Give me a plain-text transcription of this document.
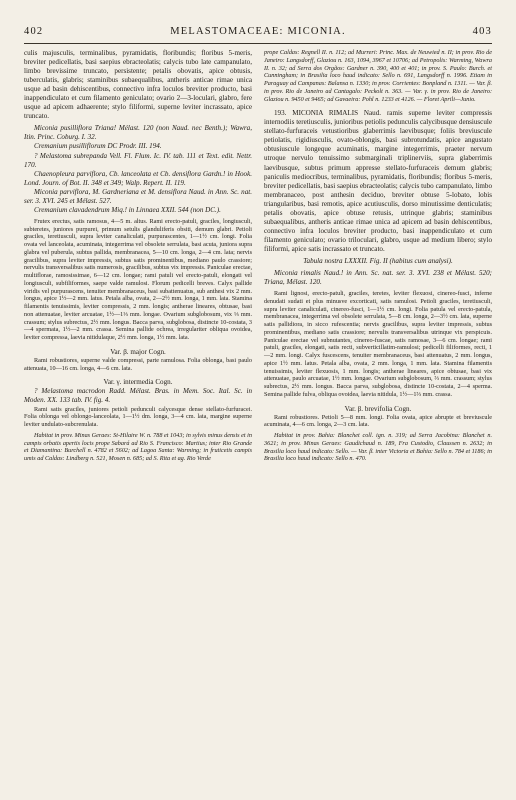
402	MELASTOMACEAE: MICONIA.	403

culis majusculis, terminalibus, pyramidatis, floribundis; floribus 5-meris, breviter pedicellatis, basi saepius ebracteolatis; calycis tubo late campanulato, limbo brevissime truncato, persistente; petalis obovatis, apice obtusis, tuberculatis, glabris; staminibus subaequalibus, antheris anticae rimae unica usque ad basin dehiscentibus, connectivo infra loculos breviter producto, basi inappendiculato et cum filamento geniculato; ovario 2—3-loculari, glabro, fere usque ad apicem adhaerente; stylo filiformi, superne leviter incrassato, apice truncato.

Miconia pusilliflora Triana! Mélast. 120 (non Naud. nec Benth.); Wawra, Itin. Princ. Coburg. I. 32.

Cremanium pusilliflorum DC Prodr. III. 194.

? Melastoma subrepanda Vell. Fl. Flum. Ic. IV. tab. 111 et Text. edit. Nettr. 170.

Chaenopleura parviflora, Cb. lanceolata et Cb. densiflora Gardn.! in Hook. Lond. Journ. of Bot. II. 348 et 349; Walp. Repert. II. 119.

Miconia parviflora, M. Gardneriana et M. densiflora Naud. in Ann. Sc. nat. ser. 3. XVI. 245 et Mélast. 527.

Cremanium clavadendrum Miq.! in Linnaea XXII. 544 (non DC.).

Frutex erectus, satis ramosus, 4—5 m. altus. Rami erecto-patuli, graciles, longiusculi, subteretes, juniores purpurei, primum setulis glanduliferis obsiti, demum glabri. Petioli graciles, teretiusculi, supra leviter canaliculati, purpurascentes, 1—1½ cm. longi. Folia ovata vel lanceolata, acuminata, integerrima vel obsolete serrulata, basi acuta, juniora supra glabra vel puberula, subtus pallida, membranacea, 5—10 cm. longa, 2—4 cm. lata; nervis gracilibus, supra leviter impressis, subtus satis prominentibus, mediano paulo crassiore; nervulis transversalibus satis numerosis, gracilibus, subtus vix impressis. Paniculae erectae, multiflorae, ramosissimae, 6—12 cm. longae; rami patuli vel erecto-patuli, elongati vel longiusculi, subfiliformes, saepe valde ramulosi. Florum pedicelli breves. Calyx pallide viridis vel purpurascens, tenuiter membranaceus, basi subattenuatus, sub anthesi vix 2 mm. longus, apice 1½—2 mm. latus. Petala alba, ovata, 2—2½ mm. longa, 1 mm. lata. Stamina filamentis tenuissimis, leviter compressis, 2 mm. longis; antherae lineares, obtusae, basi non attenuatae, leviter arcuatae, 1½—1⅓ mm. longae. Ovarium subglobosum, vix ⅓ mm. crassum; stylus subrectus, 2½ mm. longus. Bacca parva, subglobosa, distincte 10-costata, 3—4 spermata, 1½—2 mm. crassa. Semina pallide ochrea, irregulariter obliqua ovoidea, leviter compressa, laevia nitidulaque, 2½ mm. longa, 1½ mm. lata.

Var. β. major Cogn.

Rami robustiores, superne valde compressi, parte ramulosa. Folia oblonga, basi paulo attenuata, 10—16 cm. longa, 4—6 cm. lata.

Var. γ. intermedia Cogn.

? Melastoma macrodon Radd. Mélast. Bras. in Mem. Soc. Ital. Sc. in Moden. XX. 133 tab. IV. fig. 4.

Rami satis graciles, juniores petioli pedunculi calycesque dense stellato-furfuracei. Folia oblonga vel oblongo-lanceolata, 1—1½ dm. longa, 3—4 cm. lata, margine superne leviter undulato-subcrenulata.

Habitat in prov. Minas Geraes: St-Hilaire W. n. 788 et 1043; in sylvis minus densis et in campis orbatis apertis locis prope Sabará ad Rio S. Francisco: Martius; inter Rio Grande et Diamantina: Burchell n. 4782 et 5602; ad Lagoa Santa: Warming; in fruticetis campis umis ad Caldas: Lindberg n. 521, Mosen n. 685; ad S. Rita et ag. Rio Verde

prope Caldas: Regnell II. n. 112; ad Murreri: Princ. Max. de Neuwied n. II; in prov. Rio de Janeiro: Langsdorff, Glaziou n. 163, 1094, 3967 et 10706; ad Petropolis: Warming, Wawra II. n. 32; ad Serra dos Orgãos: Gardner n. 390, 400 et 401; in prov. S. Paulo: Burch. et Cunningham; in Brasilia loco haud indicato: Sello n. 691, Langsdorff n. 1996. Etiam in Paraguay ad Campanas: Balansa n. 1330; in prov. Corrientes: Bonpland n. 1311. — Var. β. in prov. Rio de Janeiro ad Cantagalo: Peckolt n. 363. — Var. γ. in prov. Rio de Janeiro: Glaziou n. 9450 et 9465; ad Gavaeira: Pohl n. 1233 et 4126. — Floret Aprili—Junio.

193. MICONIA RIMALIS Naud. ramis superne leviter compressis internodiis teretiusculis, junioribus petiolis pedunculis calycibusque densiuscule stellato-furfuraceis vetustioribus glaberrimis laevibusque; foliis breviuscule petiolatis, rigidiusculis, ovato-oblongis, basi subrotundatis, apice angustato obtusiuscule longeque acuminatis, margine integerrimis, praeter nervum utroque nervulo tenuissimo submarginali triplinerviis, supra glaberrimis laevibusque, subtus primum appresse stellato-furfuraceis demum glabris; paniculis mediocribus, terminalibus, pyramidatis, floribundis; floribus 5-meris, breviter pedicellatis, basi saepius ebracteolatis; calycis tubo campanulato, limbo membranaceo, post anthesin deciduo, breviter obtuse 5-lobato, lobis triangularibus, basi remotis, apice acutiusculis, dorso minutissime denticulatis; petalis obovatis, apice obtuse retusis, utrinque glabris; staminibus subaequalibus, antheris anticae rimae unica ad apicem ad basin dehiscentibus, connectivo infra loculos breviter producto, basi inappendiculato et cum filamento geniculato; ovario triloculari, glabro, usque ad medium libero; stylo filiformi, apice satis incrassato et truncato.

Tabula nostra LXXXII. Fig. II (habitus cum analysi).

Miconia rimalis Naud.! in Ann. Sc. nat. ser. 3. XVI. 238 et Mélast. 520; Triana, Mélast. 120.

Rami lignosi, erecto-patuli, graciles, teretes, leviter flexuosi, cinereo-fusci, inferne denudati sudati et plus minusve excorticati, satis ramulosi. Petioli graciles, teretiusculi, supra leviter canaliculati, cinereo-fusci, 1—1½ cm. longi. Folia patula vel erecto-patula, membranacea, integerrima vel obsolete serrulata, 5—8 cm. longa, 2—3½ cm. lata, superne satis pallidiora, in sicco rufescentia; nervis gracilibus, supra leviter impressis, subtus prominentibus, mediano satis crassiore; nervulis transversalibus utrinque vix perspicuis. Paniculae erectae vel subnutantes, cinereo-fuscae, satis ramosae, 3—6 cm. longae; rami patuli, graciles, elongati, satis recti, subverticillatim-ramulosi; pedicelli filiformes, recti, 1—2 mm. longi. Calyx fuscescens, tenuiter membranaceus, basi attenuatus, 2 mm. longus, apice 1½ mm. latus. Petala alba, ovata, 2 mm. longa, 1 mm. lata. Stamina filamentis tenuissimis, leviter flexuosis, 1 mm. longis; antherae lineares, apice obtusae, basi vix attenuatae, paulo arcuatae, 1½ mm. longae. Ovarium subglobosum, ⅔ mm. crassum; stylus subrectus, 2½ mm. longus. Bacca parva, subglobosa, distincte 10-costata, 2—4 sperma. Semina pallide fulva, obliqua ovoidea, laevia nitidula, 1½—1⅔ mm. crassa.

Var. β. brevifolia Cogn.

Rami robustiores. Petioli 5—8 mm. longi. Folia ovata, apice abrupte et breviuscule acuminata, 4—6 cm. longa, 2—3 cm. lata.

Habitat in prov. Bahia: Blanchet coll. ign. n. 319; ad Serra Jacobina: Blanchet n. 3621; in prov. Minas Geraes: Gaudichaud n. 189, Fra Custodio, Claussen n. 2632; in Brasilia loco haud indicato: Sello. — Var. β. inter Victoria et Bahia: Sello n. 784 et 1186; in Brasilia loco haud indicato: Sello n. 470.
